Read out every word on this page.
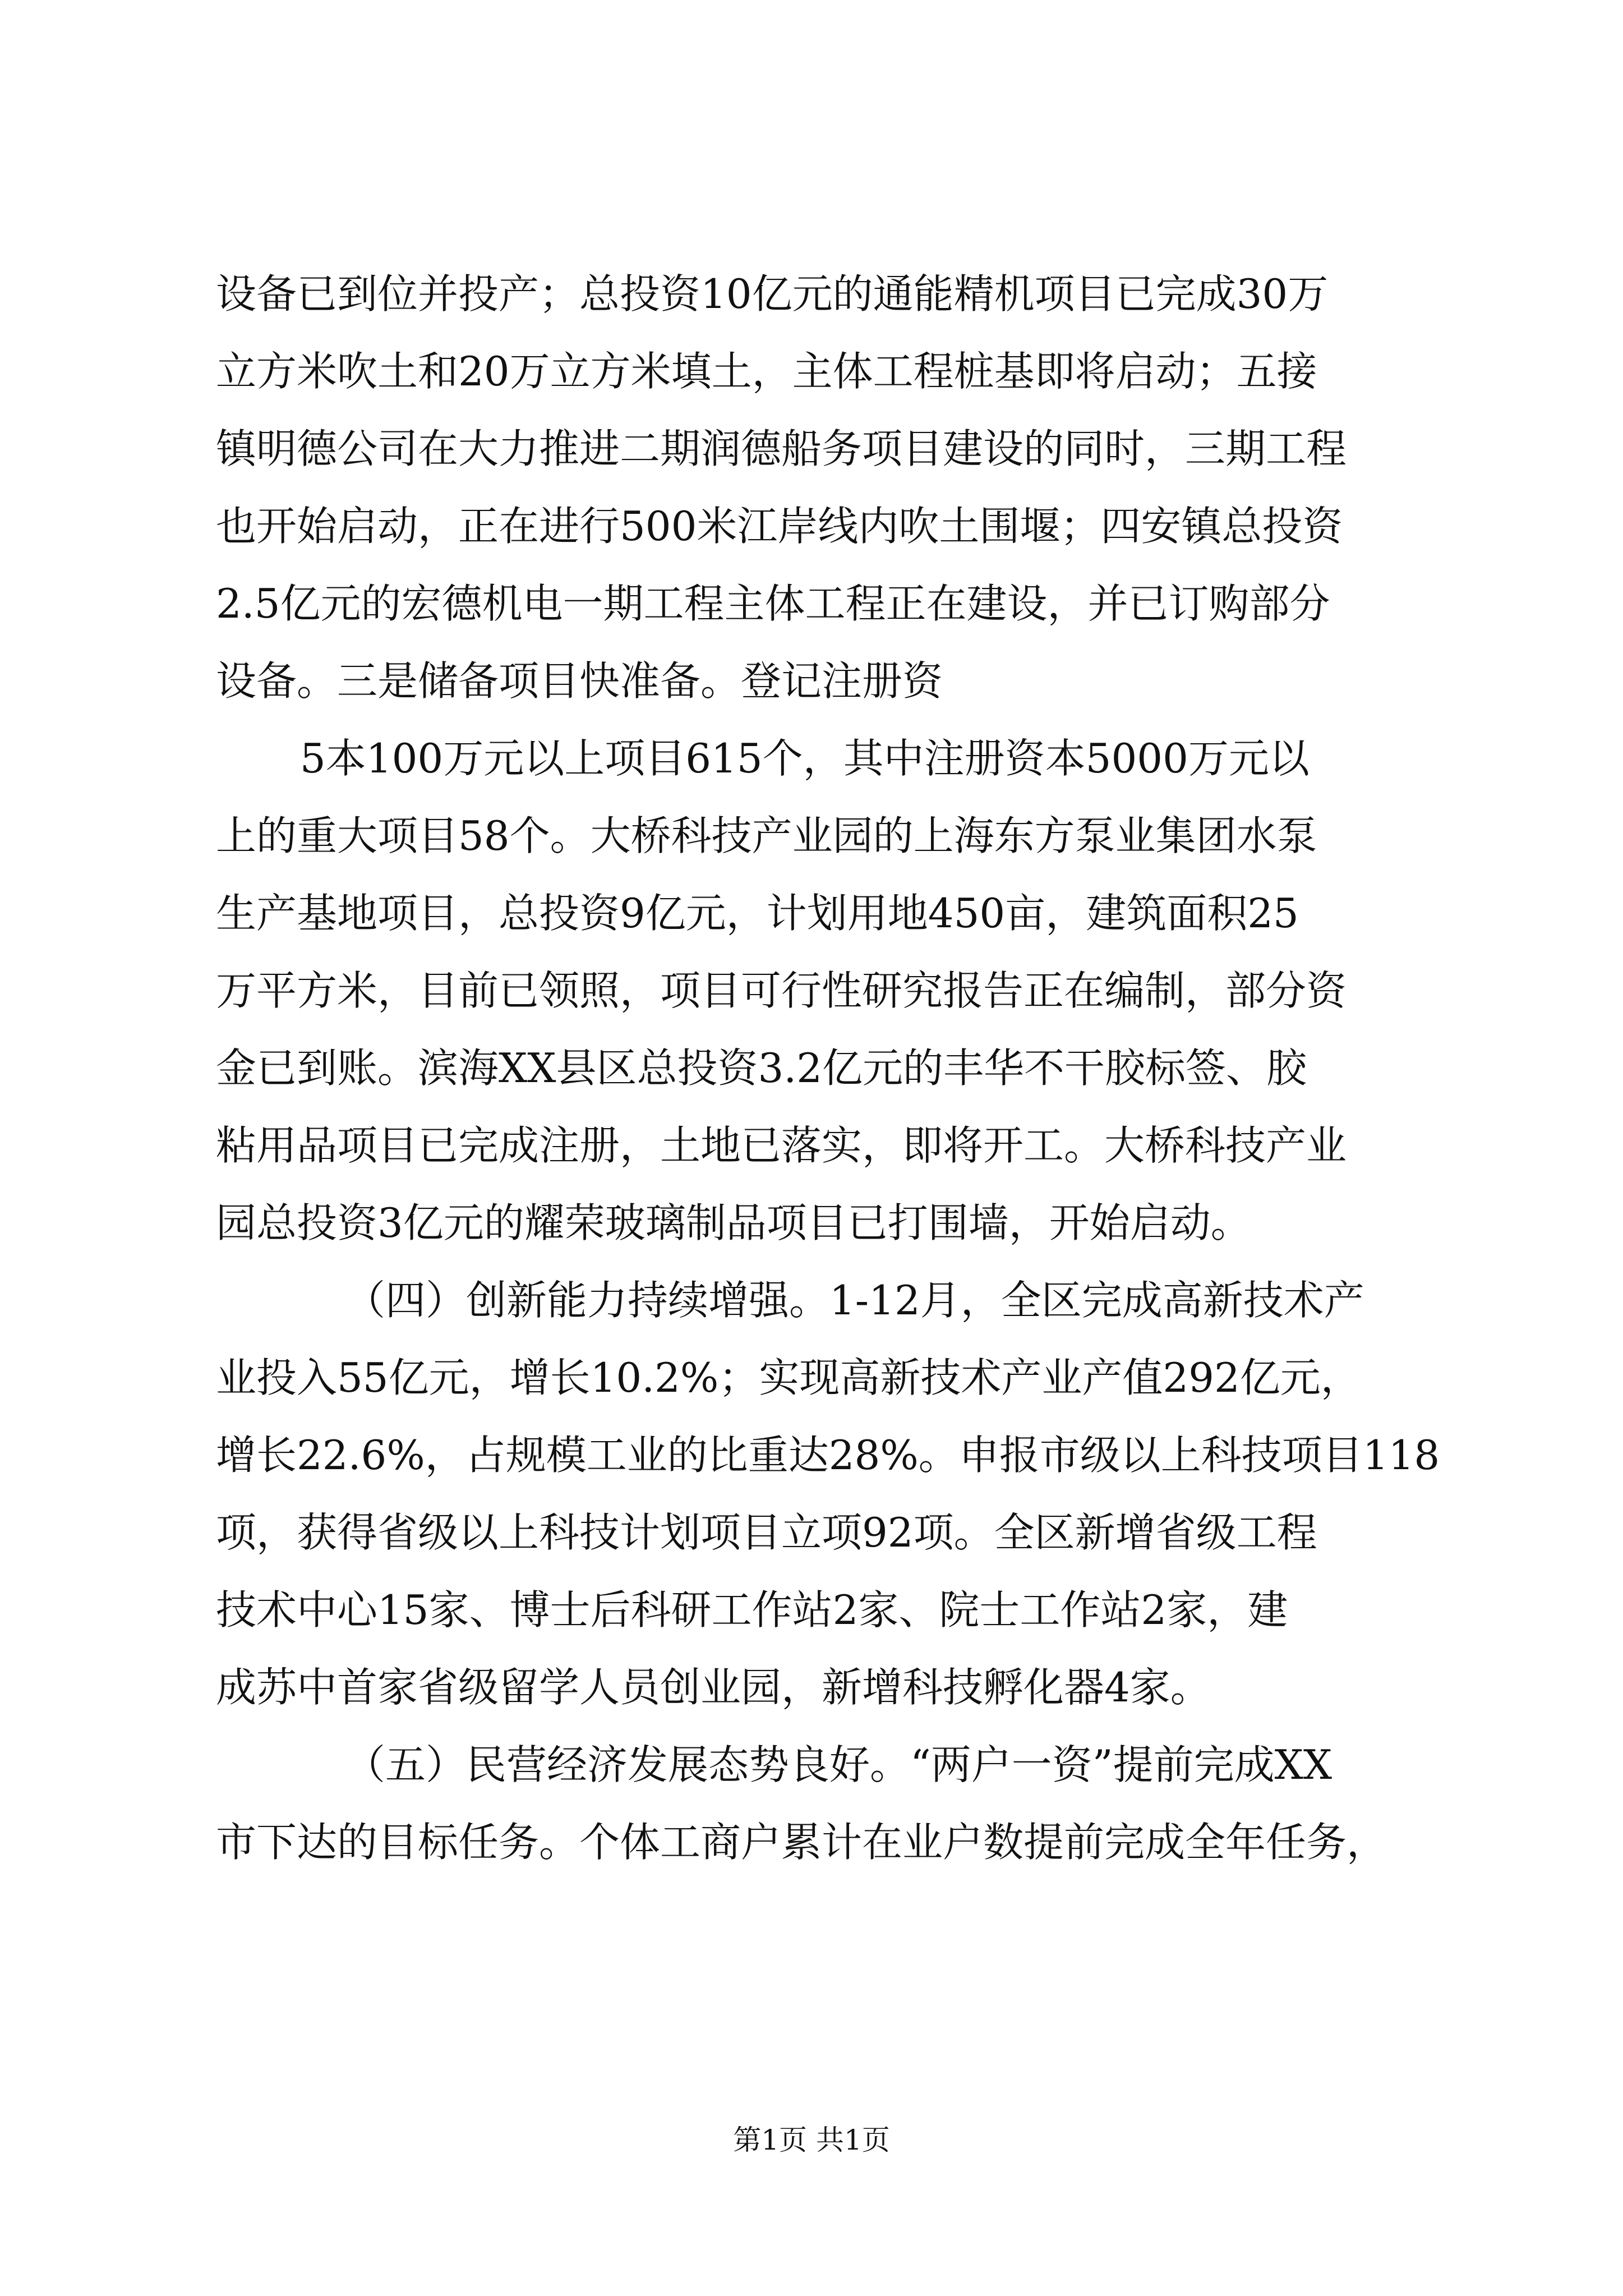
设备已到位并投产；总投资10亿元的通能精机项目已完成30万
立方米吹土和20万立方米填土，主体工程桩基即将启动；五接
镇明德公司在大力推进二期润德船务项目建设的同时，三期工程
也开始启动，正在进行500米江岸线内吹土围堰；四安镇总投资
2.5亿元的宏德机电一期工程主体工程正在建设，并已订购部分
设备。三是储备项目快准备。登记注册资
5本100万元以上项目615个，其中注册资本5000万元以
上的重大项目58个。大桥科技产业园的上海东方泵业集团水泵
生产基地项目，总投资9亿元，计划用地450亩，建筑面积25
万平方米，目前已领照，项目可行性研究报告正在编制，部分资
金已到账。滨海XX县区总投资3.2亿元的丰华不干胶标签、胶
粘用品项目已完成注册，土地已落实，即将开工。大桥科技产业
园总投资3亿元的耀荣玻璃制品项目已打围墙，开始启动。
（四）创新能力持续增强。1-12月，全区完成高新技术产
业投入55亿元，增长10.2%；实现高新技术产业产值292亿元，
增长22.6%，占规模工业的比重达28%。申报市级以上科技项目118
项，获得省级以上科技计划项目立项92项。全区新增省级工程
技术中心15家、博士后科研工作站2家、院士工作站2家，建
成苏中首家省级留学人员创业园，新增科技孵化器4家。
（五）民营经济发展态势良好。“两户一资”提前完成XX
市下达的目标任务。个体工商户累计在业户数提前完成全年任务，
第1页 共1页
